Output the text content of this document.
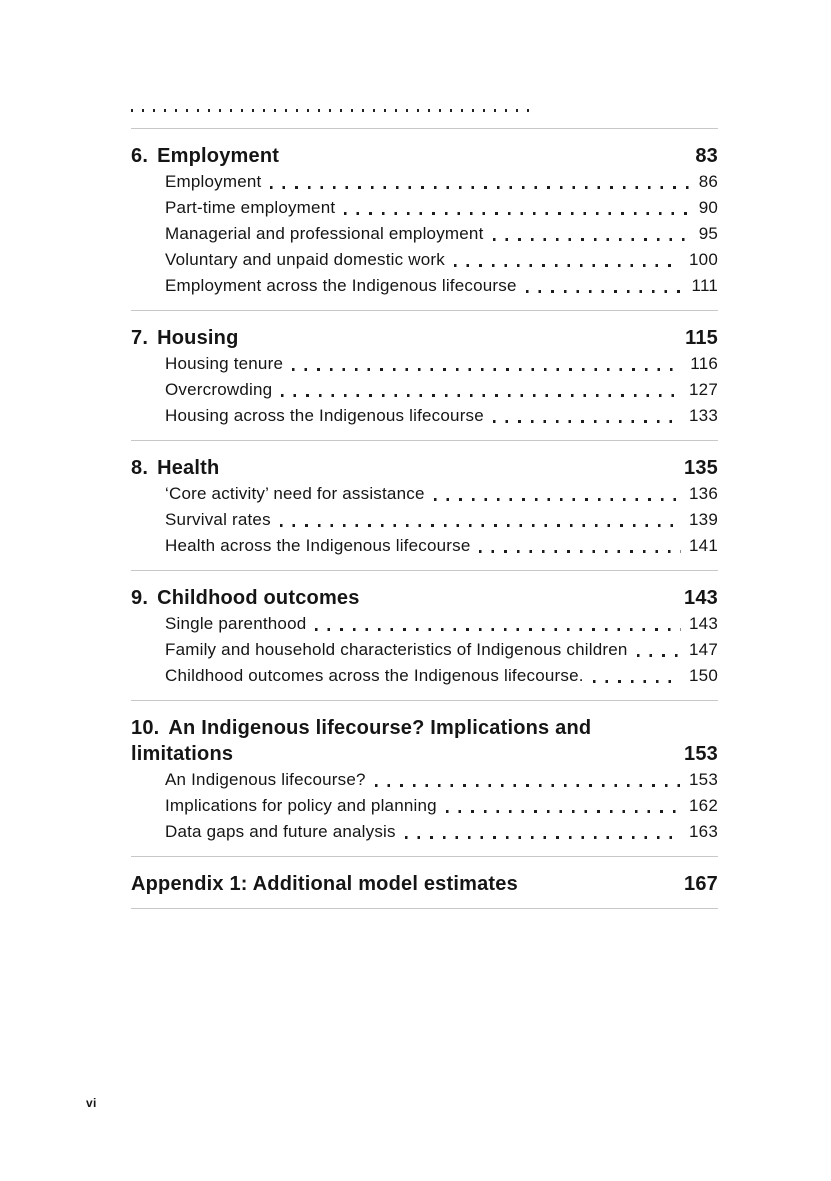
6. Employment	83
Employment	86
Part-time employment	90
Managerial and professional employment	95
Voluntary and unpaid domestic work	100
Employment across the Indigenous lifecourse	111
7. Housing	115
Housing tenure	116
Overcrowding	127
Housing across the Indigenous lifecourse	133
8. Health	135
‘Core activity’ need for assistance	136
Survival rates	139
Health across the Indigenous lifecourse	141
9. Childhood outcomes	143
Single parenthood	143
Family and household characteristics of Indigenous children	147
Childhood outcomes across the Indigenous lifecourse.	150
10. An Indigenous lifecourse? Implications and limitations	153
An Indigenous lifecourse?	153
Implications for policy and planning	162
Data gaps and future analysis	163
Appendix 1: Additional model estimates	167
vi
